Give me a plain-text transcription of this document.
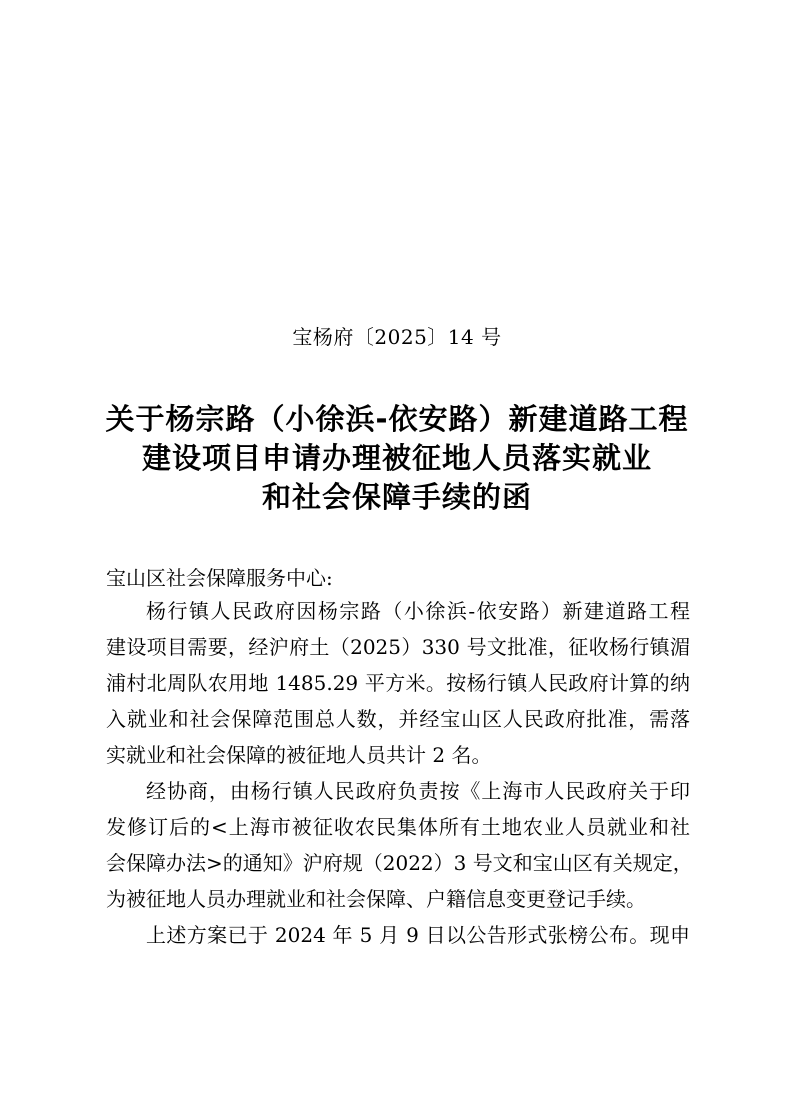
宝杨府〔2025〕14 号
关于杨宗路（小徐浜-依安路）新建道路工程
建设项目申请办理被征地人员落实就业
和社会保障手续的函
宝山区社会保障服务中心:
杨行镇人民政府因杨宗路（小徐浜-依安路）新建道路工程
建设项目需要，经沪府土（2025）330 号文批准，征收杨行镇湄
浦村北周队农用地 1485.29 平方米。按杨行镇人民政府计算的纳
入就业和社会保障范围总人数，并经宝山区人民政府批准，需落
实就业和社会保障的被征地人员共计 2 名。
经协商，由杨行镇人民政府负责按《上海市人民政府关于印
发修订后的<上海市被征收农民集体所有土地农业人员就业和社
会保障办法>的通知》沪府规（2022）3 号文和宝山区有关规定，
为被征地人员办理就业和社会保障、户籍信息变更登记手续。
上述方案已于 2024 年 5 月 9 日以公告形式张榜公布。现申
